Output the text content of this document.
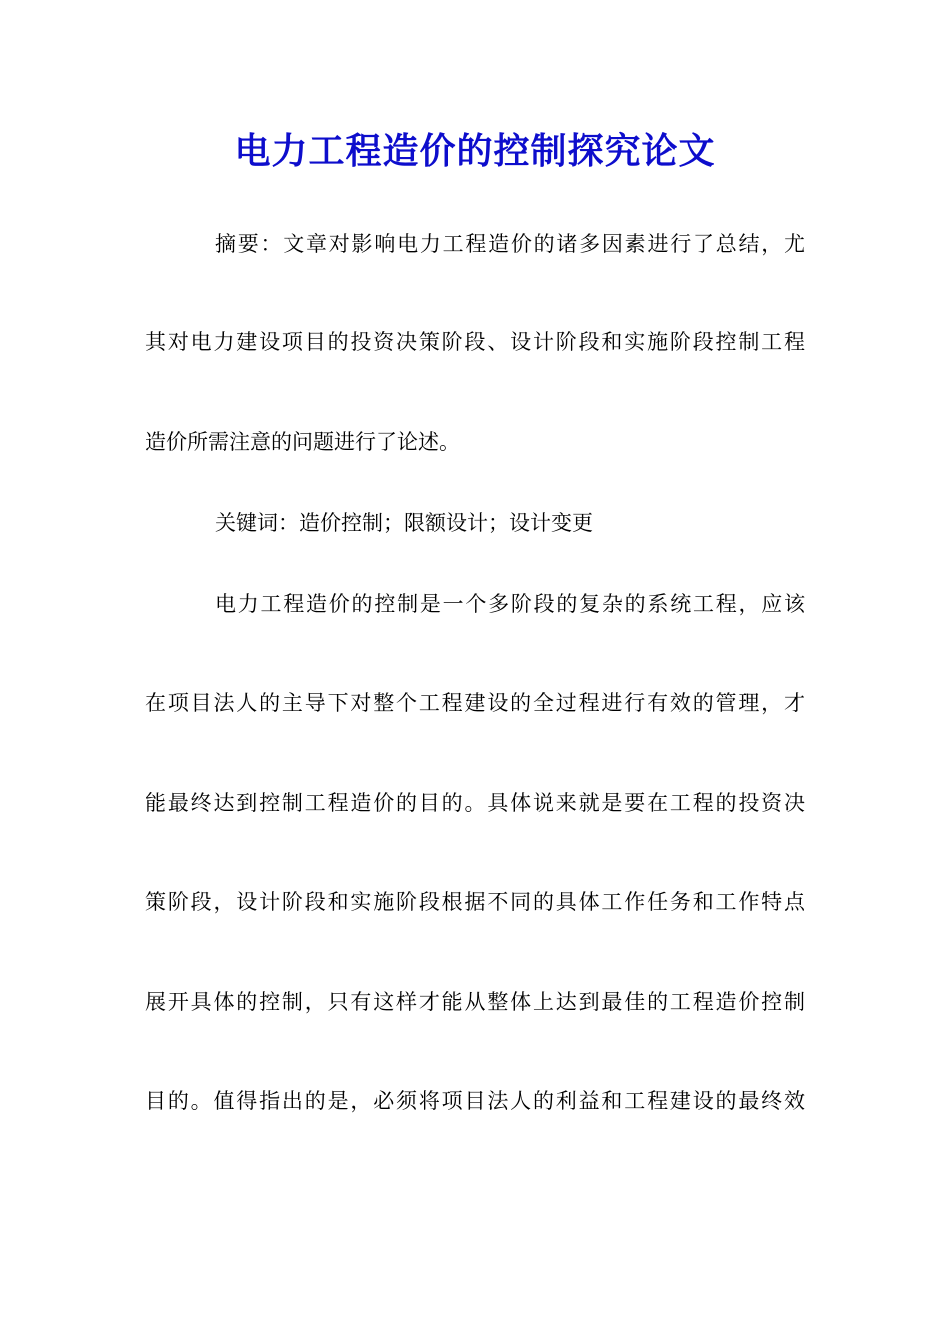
电力工程造价的控制探究论文
摘要：文章对影响电力工程造价的诸多因素进行了总结，尤
其对电力建设项目的投资决策阶段、设计阶段和实施阶段控制工程
造价所需注意的问题进行了论述。
关键词：造价控制；限额设计；设计变更
电力工程造价的控制是一个多阶段的复杂的系统工程，应该
在项目法人的主导下对整个工程建设的全过程进行有效的管理，才
能最终达到控制工程造价的目的。具体说来就是要在工程的投资决
策阶段，设计阶段和实施阶段根据不同的具体工作任务和工作特点
展开具体的控制，只有这样才能从整体上达到最佳的工程造价控制
目的。值得指出的是，必须将项目法人的利益和工程建设的最终效
